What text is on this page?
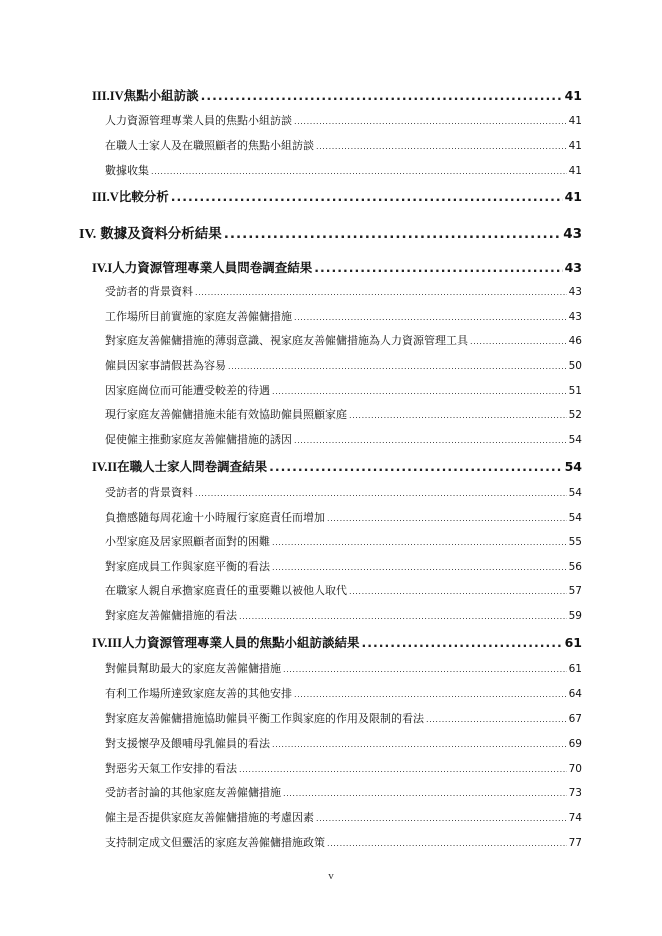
III.IV 焦點小組訪談 .....	41
人力資源管理專業人員的焦點小組訪談 .....	41
在職人士家人及在職照顧者的焦點小組訪談 .....	41
數據收集 .....	41
III.V 比較分析 .....	41
IV. 數據及資料分析結果 .....	43
IV.I 人力資源管理專業人員問卷調查結果 .....	43
受訪者的背景資料 .....	43
工作場所目前實施的家庭友善僱傭措施 .....	43
對家庭友善僱傭措施的薄弱意識、視家庭友善僱傭措施為人力資源管理工具 .....	46
僱員因家事請假甚為容易 .....	50
因家庭崗位而可能遭受較差的待遇 .....	51
現行家庭友善僱傭措施未能有效協助僱員照顧家庭 .....	52
促使僱主推動家庭友善僱傭措施的誘因 .....	54
IV.II 在職人士家人問卷調查結果 .....	54
受訪者的背景資料 .....	54
負擔感隨每周花逾十小時履行家庭責任而增加 .....	54
小型家庭及居家照顧者面對的困難 .....	55
對家庭成員工作與家庭平衡的看法 .....	56
在職家人親自承擔家庭責任的重要難以被他人取代 .....	57
對家庭友善僱傭措施的看法 .....	59
IV.III 人力資源管理專業人員的焦點小組訪談結果 .....	61
對僱員幫助最大的家庭友善僱傭措施 .....	61
有利工作場所達致家庭友善的其他安排 .....	64
對家庭友善僱傭措施協助僱員平衡工作與家庭的作用及限制的看法 .....	67
對支援懷孕及餵哺母乳僱員的看法 .....	69
對惡劣天氣工作安排的看法 .....	70
受訪者討論的其他家庭友善僱傭措施 .....	73
僱主是否提供家庭友善僱傭措施的考慮因素 .....	74
支持制定成文但靈活的家庭友善僱傭措施政策 .....	77
v
